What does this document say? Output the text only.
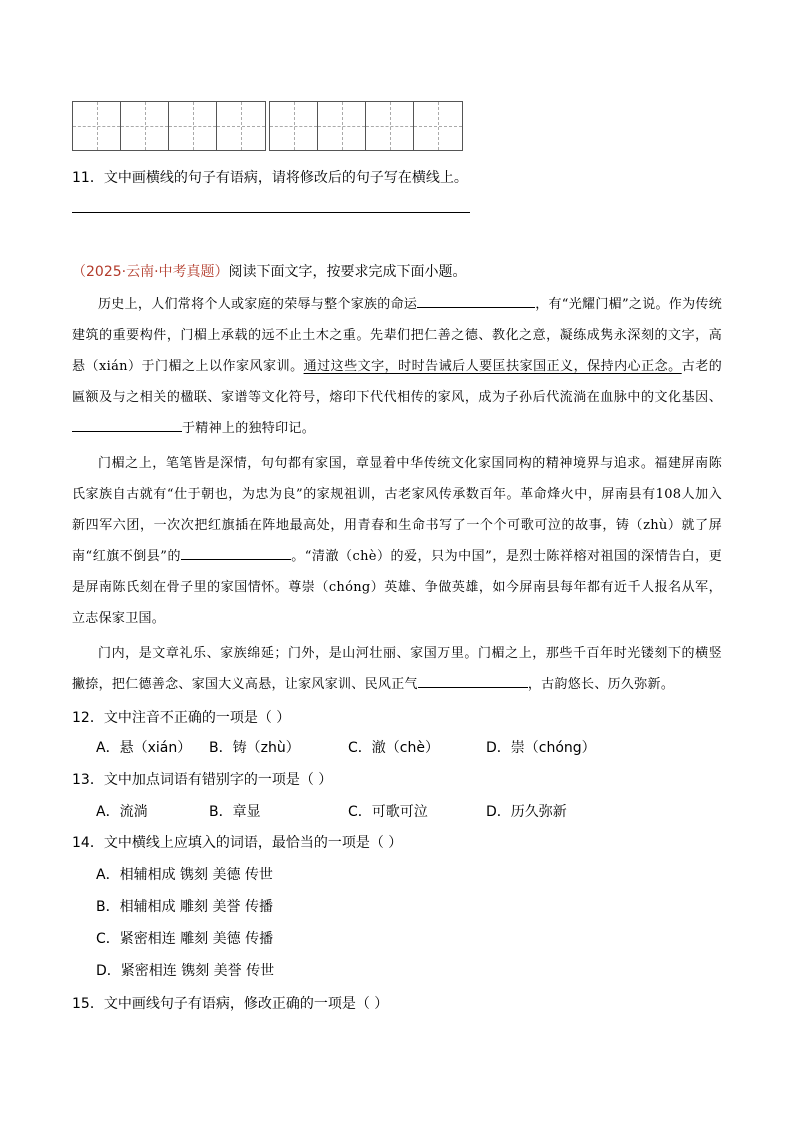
11．文中画横线的句子有语病，请将修改后的句子写在横线上。
（2025·云南·中考真题）阅读下面文字，按要求完成下面小题。

历史上，人们常将个人或家庭的荣辱与整个家族的命运	，有“光耀门楣”之说。作为传统建筑的重要构件，门楣上承载的远不止土木之重。先辈们把仁善之德、教化之意，凝练成隽永深刻的文字，高悬（xián）于门楣之上以作家风家训。通过这些文字，时时告诫后人要匡扶家国正义，保持内心正念。古老的匾额及与之相关的楹联、家谱等文化符号，熔印下代代相传的家风，成为子孙后代流淌在血脉中的文化基因、于精神上的独特印记。

门楣之上，笔笔皆是深情，句句都有家国，章显着中华传统文化家国同构的精神境界与追求。福建屏南陈氏家族自古就有“仕于朝也，为忠为良”的家规祖训，古老家风传承数百年。革命烽火中，屏南县有108人加入新四军六团，一次次把红旗插在阵地最高处，用青春和生命书写了一个个可歌可泣的故事，铸（zhù）就了屏南“红旗不倒县”的	。“清澈（chè）的爱，只为中国”，是烈士陈祥榕对祖国的深情告白，更是屏南陈氏刻在骨子里的家国情怀。尊崇（chóng）英雄、争做英雄，如今屏南县每年都有近千人报名从军，立志保家卫国。

门内，是文章礼乐、家族绵延；门外，是山河壮丽、家国万里。门楣之上，那些千百年时光镂刻下的横竖撇捺，把仁德善念、家国大义高悬，让家风家训、民风正气	，古韵悠长、历久弥新。

12．文中注音不正确的一项是（ ）
A．悬（xián） B．铸（zhù）	C．澈（chè）	D．崇（chóng）
13．文中加点词语有错别字的一项是（ ）
A．流淌	B．章显	C．可歌可泣	D．历久弥新
14．文中横线上应填入的词语，最恰当的一项是（ ）
A．相辅相成 镌刻 美德 传世
B．相辅相成 雕刻 美誉 传播
C．紧密相连 雕刻 美德 传播
D．紧密相连 镌刻 美誉 传世
15．文中画线句子有语病，修改正确的一项是（ ）
